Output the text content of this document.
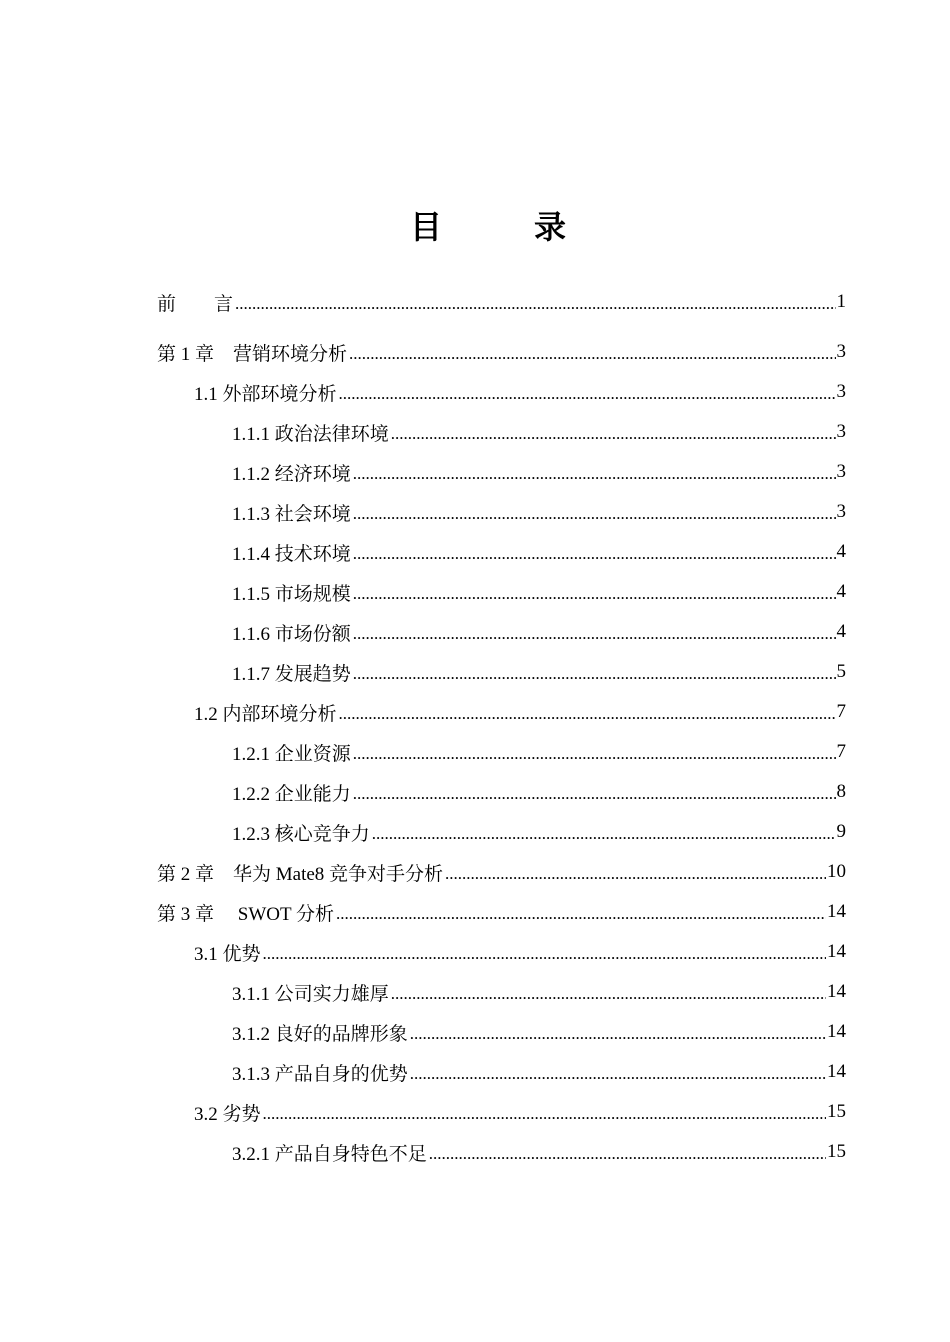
目　录
前　　言 .....	1
第 1 章　营销环境分析 .....	3
1.1 外部环境分析 .....	3
1.1.1 政治法律环境 .....	3
1.1.2 经济环境 .....	3
1.1.3 社会环境 .....	3
1.1.4 技术环境 .....	4
1.1.5 市场规模 .....	4
1.1.6 市场份额 .....	4
1.1.7 发展趋势 .....	5
1.2 内部环境分析 .....	7
1.2.1 企业资源 .....	7
1.2.2 企业能力 .....	8
1.2.3 核心竞争力 .....	9
第 2 章　华为 Mate8 竞争对手分析 .....	10
第 3 章　 SWOT 分析 .....	14
3.1 优势 .....	14
3.1.1 公司实力雄厚 .....	14
3.1.2 良好的品牌形象 .....	14
3.1.3 产品自身的优势 .....	14
3.2 劣势 .....	15
3.2.1 产品自身特色不足 .....	15
